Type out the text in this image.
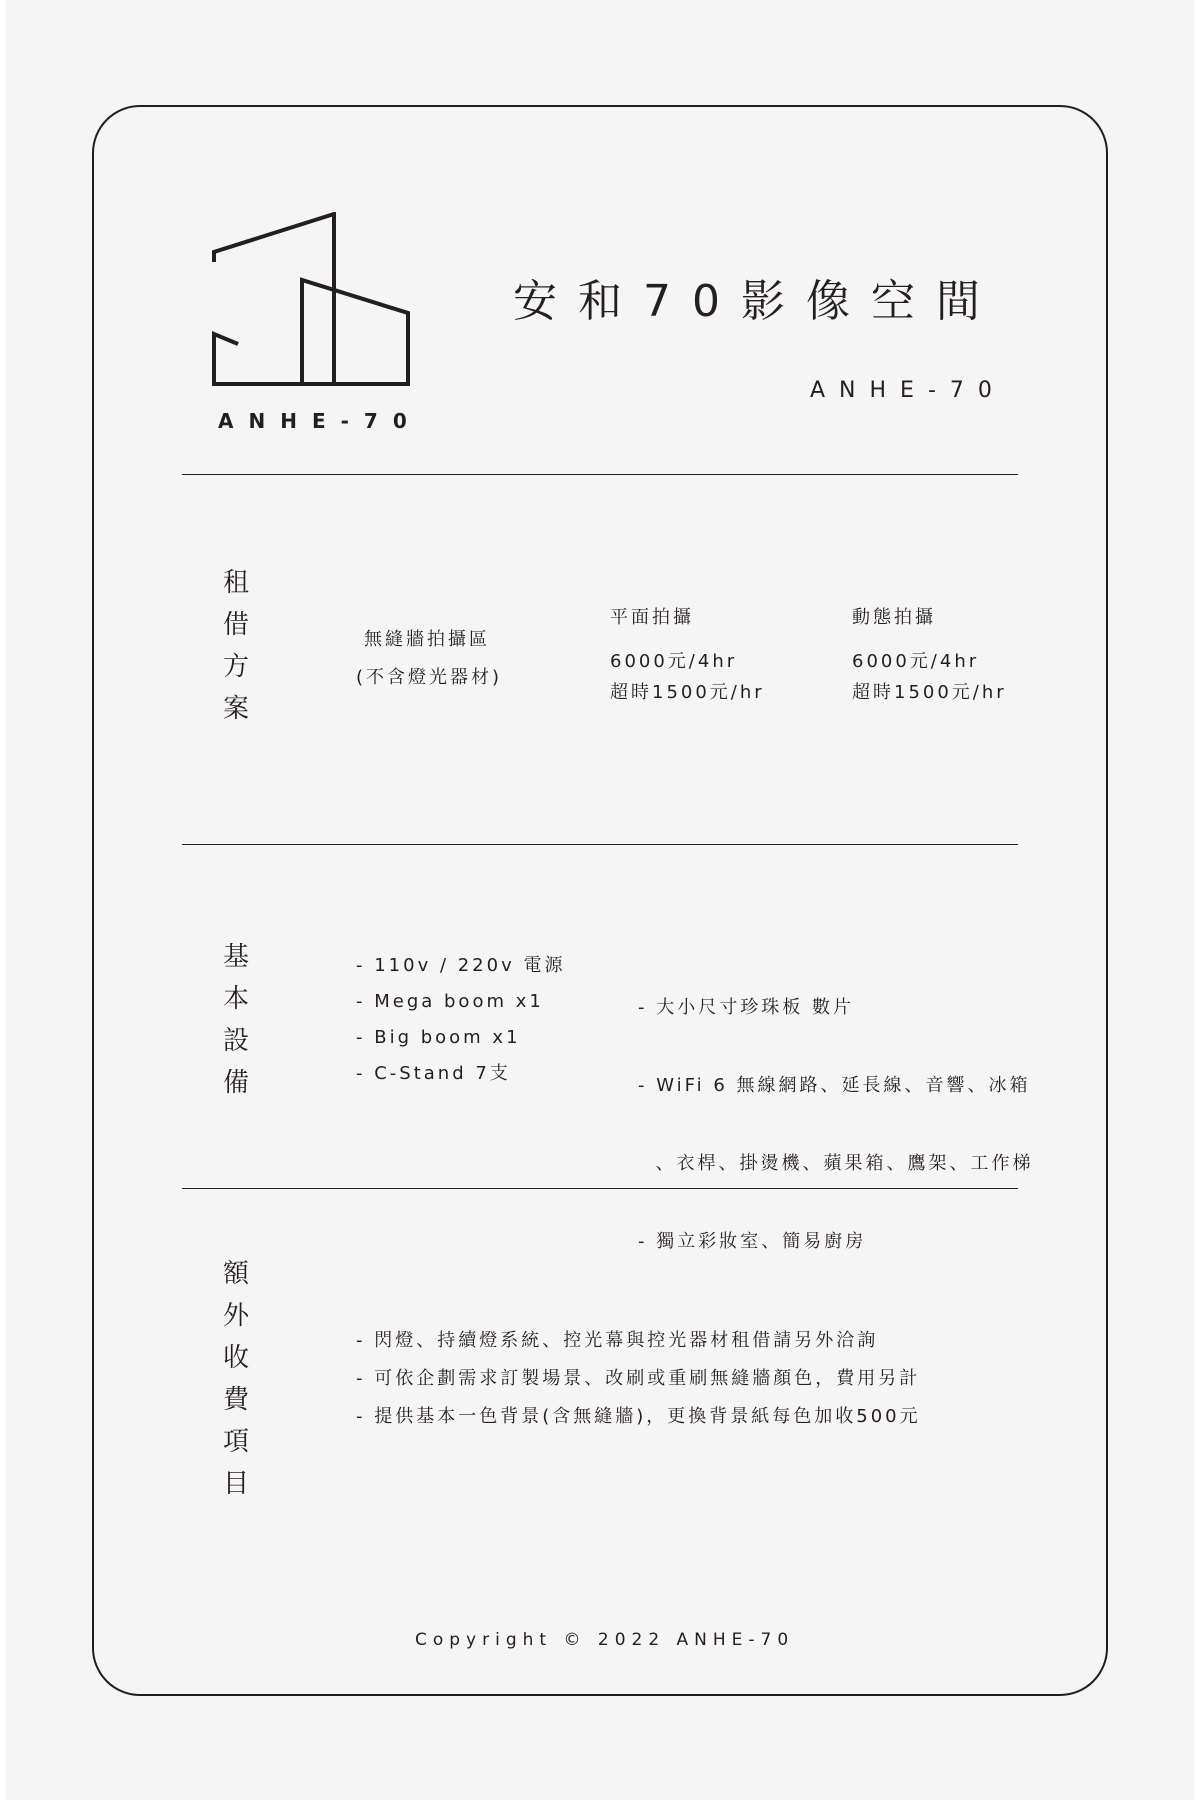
ANHE-70
安和70影像空間
ANHE-70
租
借
方
案
無縫牆拍攝區
(不含燈光器材)
平面拍攝
6000元/4hr
超時1500元/hr
動態拍攝
6000元/4hr
超時1500元/hr
基
本
設
備
- 110v / 220v 電源
- Mega boom x1
- Big boom x1
- C-Stand 7支

- 大小尺寸珍珠板 數片

- WiFi 6 無線網路、延長線、音響、冰箱

、衣桿、掛燙機、蘋果箱、鷹架、工作梯

- 獨立彩妝室、簡易廚房

額
外
收
費
項
目
- 閃燈、持續燈系統、控光幕與控光器材租借請另外洽詢
- 可依企劃需求訂製場景、改刷或重刷無縫牆顏色，費用另計
- 提供基本一色背景(含無縫牆)，更換背景紙每色加收500元
Copyright © 2022 ANHE-70
